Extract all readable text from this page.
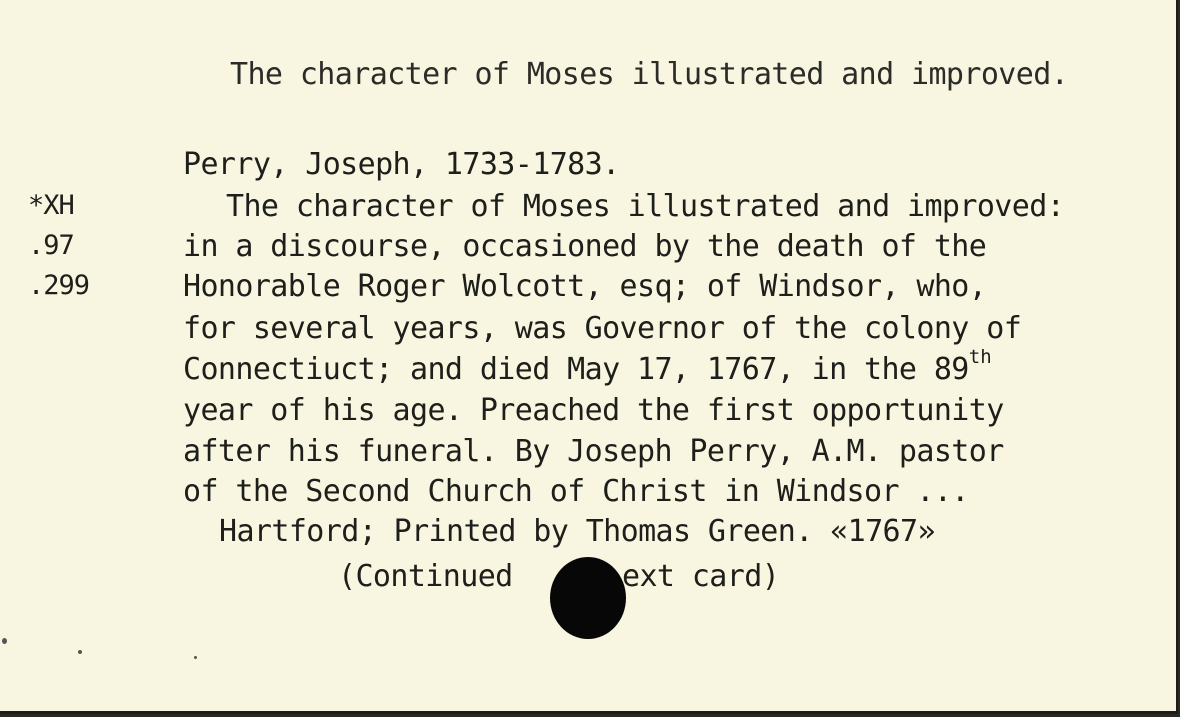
The character of Moses illustrated and improved.
*XH
.97
.299
Perry, Joseph, 1733-1783.
The character of Moses illustrated and improved:
in a discourse, occasioned by the death of the
Honorable Roger Wolcott, esq; of Windsor, who,
for several years, was Governor of the colony of
Connectiuct; and died May 17, 1767, in the 89th
year of his age. Preached the first opportunity
after his funeral. By Joseph Perry, A.M. pastor
of the Second Church of Christ in Windsor ...
Hartford; Printed by Thomas Green. «1767»
(Continued	ext card)
